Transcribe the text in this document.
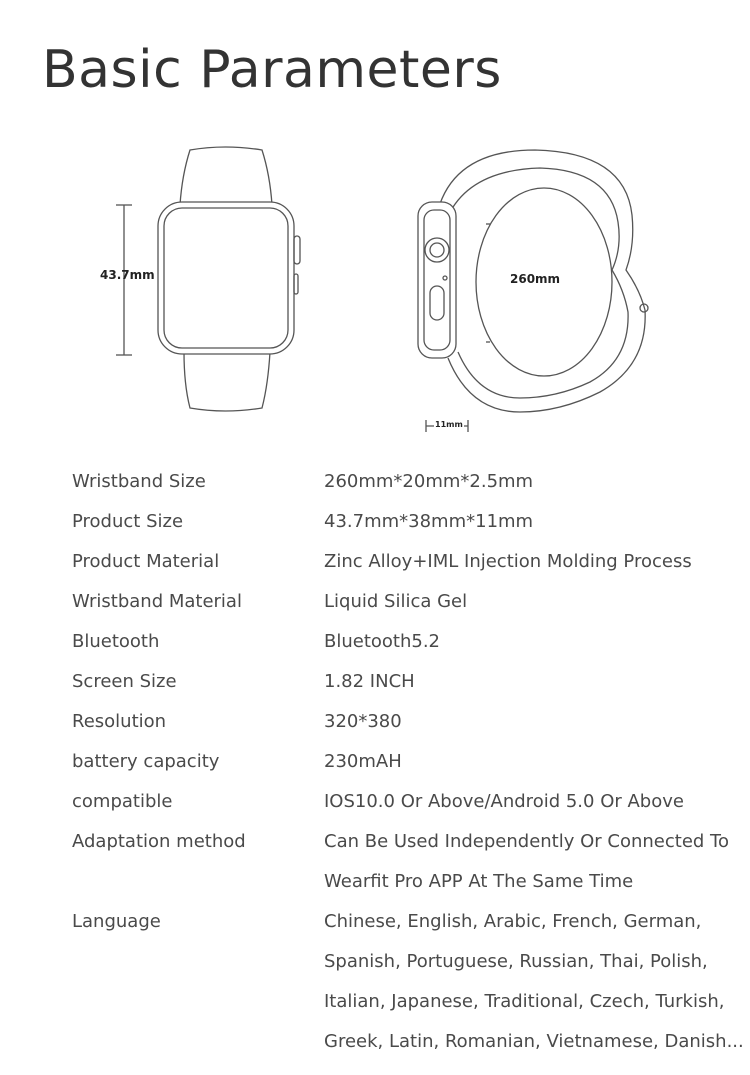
Basic Parameters
43.7mm	260mm
11mm
Wristband Size	260mm*20mm*2.5mm
Product Size	43.7mm*38mm*11mm
Product Material	Zinc Alloy+IML Injection Molding Process
Wristband Material	Liquid Silica Gel
Bluetooth	Bluetooth5.2
Screen Size	1.82 INCH
Resolution	320*380
battery capacity	230mAH
compatible	IOS10.0 Or Above/Android 5.0 Or Above
Adaptation method	Can Be Used Independently Or Connected To
Wearfit Pro APP At The Same Time
Language	Chinese, English, Arabic, French, German,
Spanish, Portuguese, Russian, Thai, Polish,
Italian, Japanese, Traditional, Czech, Turkish,
Greek, Latin, Romanian, Vietnamese, Danish...
